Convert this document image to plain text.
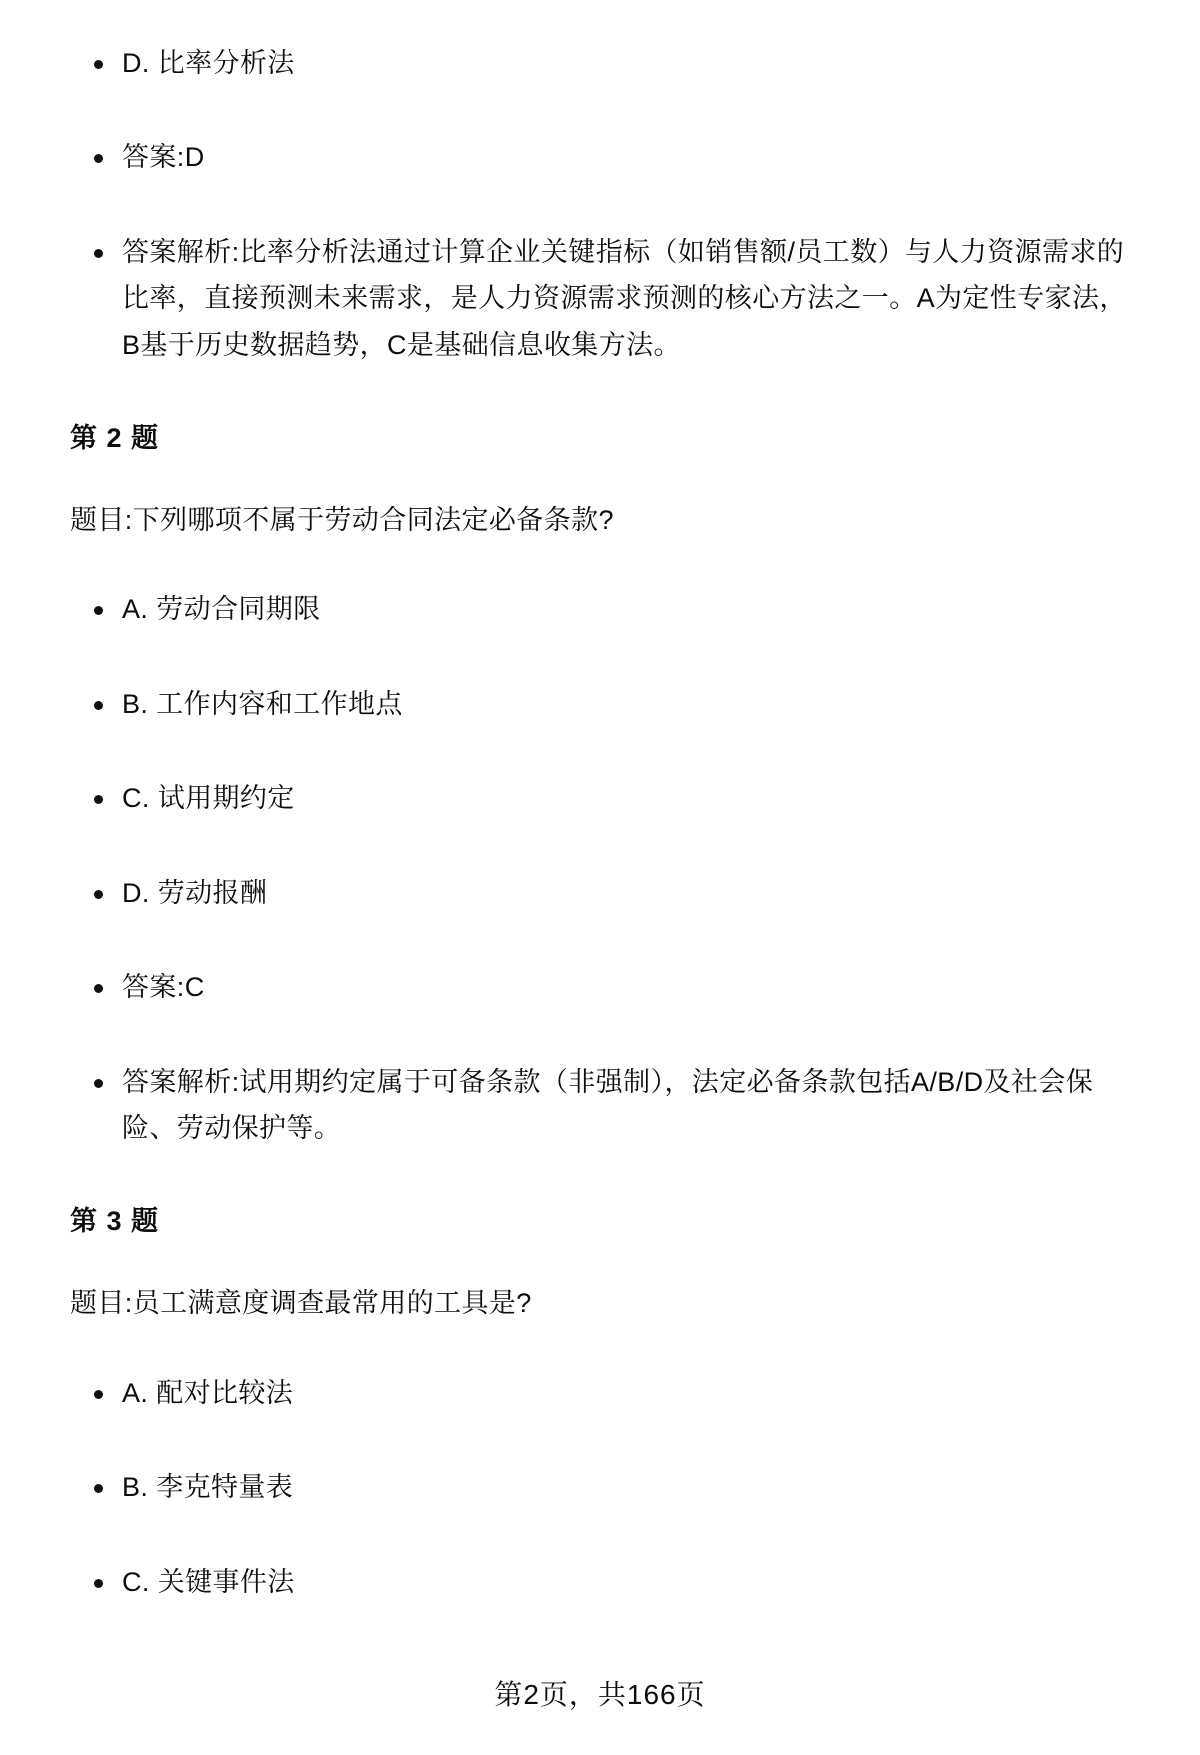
D. 比率分析法
答案:D
答案解析:比率分析法通过计算企业关键指标（如销售额/员工数）与人力资源需求的比率，直接预测未来需求，是人力资源需求预测的核心方法之一。A为定性专家法，B基于历史数据趋势，C是基础信息收集方法。
第 2 题
题目:下列哪项不属于劳动合同法定必备条款?
A. 劳动合同期限
B. 工作内容和工作地点
C. 试用期约定
D. 劳动报酬
答案:C
答案解析:试用期约定属于可备条款（非强制），法定必备条款包括A/B/D及社会保险、劳动保护等。
第 3 题
题目:员工满意度调查最常用的工具是?
A. 配对比较法
B. 李克特量表
C. 关键事件法
第2页，共166页
